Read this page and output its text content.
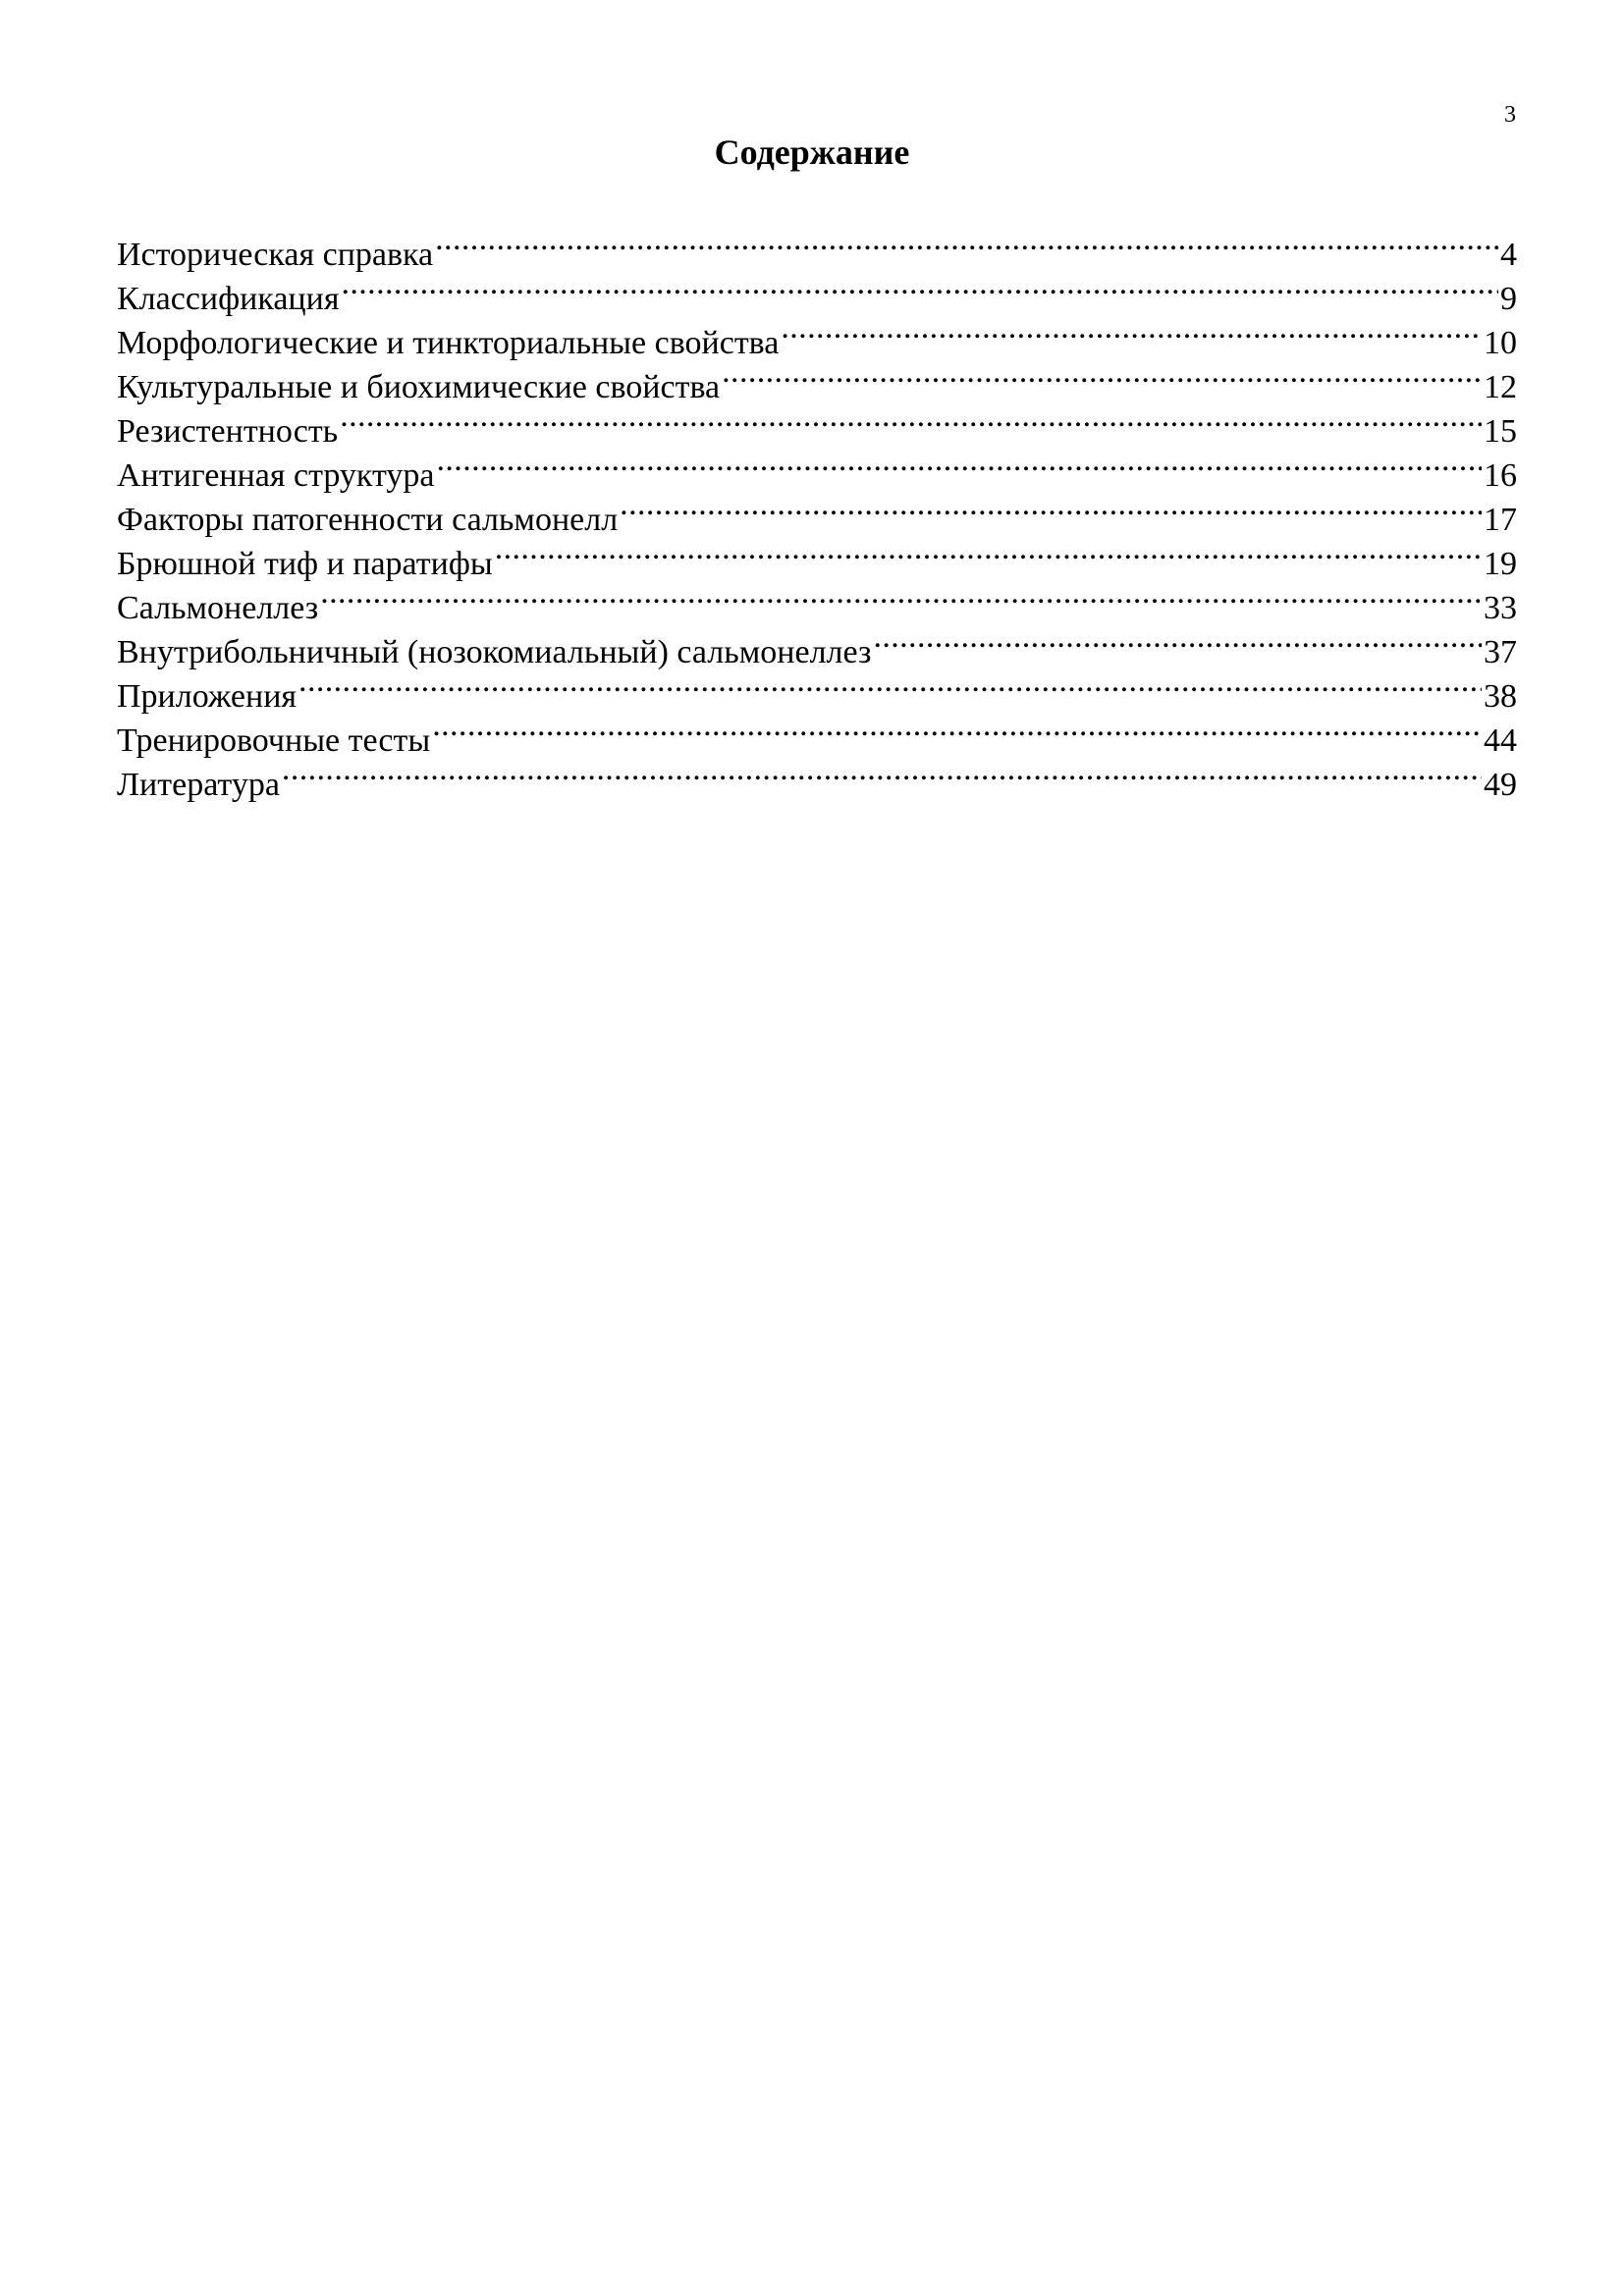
3
Содержание
Историческая справка .....	4
Классификация .....	9
Морфологические и тинкториальные свойства .....	10
Культуральные и биохимические свойства .....	12
Резистентность .....	15
Антигенная структура .....	16
Факторы патогенности сальмонелл .....	17
Брюшной тиф и паратифы .....	19
Сальмонеллез .....	33
Внутрибольничный (нозокомиальный) сальмонеллез .....	37
Приложения .....	38
Тренировочные тесты .....	44
Литература .....	49
